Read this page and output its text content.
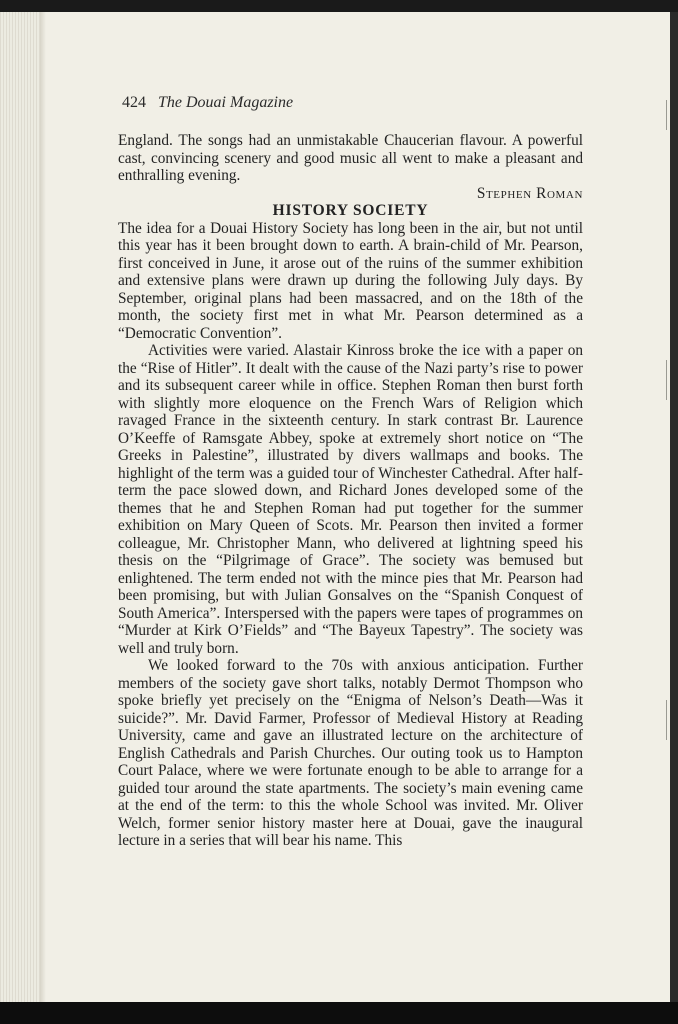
424 The Douai Magazine

England. The songs had an unmistakable Chaucerian flavour. A powerful cast, convincing scenery and good music all went to make a pleasant and enthralling evening.

Stephen Roman

HISTORY SOCIETY

The idea for a Douai History Society has long been in the air, but not until this year has it been brought down to earth. A brain-child of Mr. Pearson, first conceived in June, it arose out of the ruins of the summer exhibition and extensive plans were drawn up during the following July days. By September, original plans had been massacred, and on the 18th of the month, the society first met in what Mr. Pearson determined as a “Democratic Convention”.

Activities were varied. Alastair Kinross broke the ice with a paper on the “Rise of Hitler”. It dealt with the cause of the Nazi party’s rise to power and its subsequent career while in office. Stephen Roman then burst forth with slightly more eloquence on the French Wars of Religion which ravaged France in the sixteenth century. In stark contrast Br. Laurence O’Keeffe of Ramsgate Abbey, spoke at extremely short notice on “The Greeks in Palestine”, illustrated by divers wallmaps and books. The highlight of the term was a guided tour of Winchester Cathedral. After half-term the pace slowed down, and Richard Jones developed some of the themes that he and Stephen Roman had put together for the summer exhibition on Mary Queen of Scots. Mr. Pearson then invited a former colleague, Mr. Christopher Mann, who delivered at lightning speed his thesis on the “Pilgrimage of Grace”. The society was bemused but enlightened. The term ended not with the mince pies that Mr. Pearson had been promising, but with Julian Gonsalves on the “Spanish Conquest of South America”. Interspersed with the papers were tapes of programmes on “Murder at Kirk O’Fields” and “The Bayeux Tapestry”. The society was well and truly born.

We looked forward to the 70s with anxious anticipation. Further members of the society gave short talks, notably Dermot Thompson who spoke briefly yet precisely on the “Enigma of Nelson’s Death—Was it suicide?”. Mr. David Farmer, Professor of Medieval History at Reading University, came and gave an illustrated lecture on the architecture of English Cathedrals and Parish Churches. Our outing took us to Hampton Court Palace, where we were fortunate enough to be able to arrange for a guided tour around the state apartments. The society’s main evening came at the end of the term: to this the whole School was invited. Mr. Oliver Welch, former senior history master here at Douai, gave the inaugural lecture in a series that will bear his name. This
